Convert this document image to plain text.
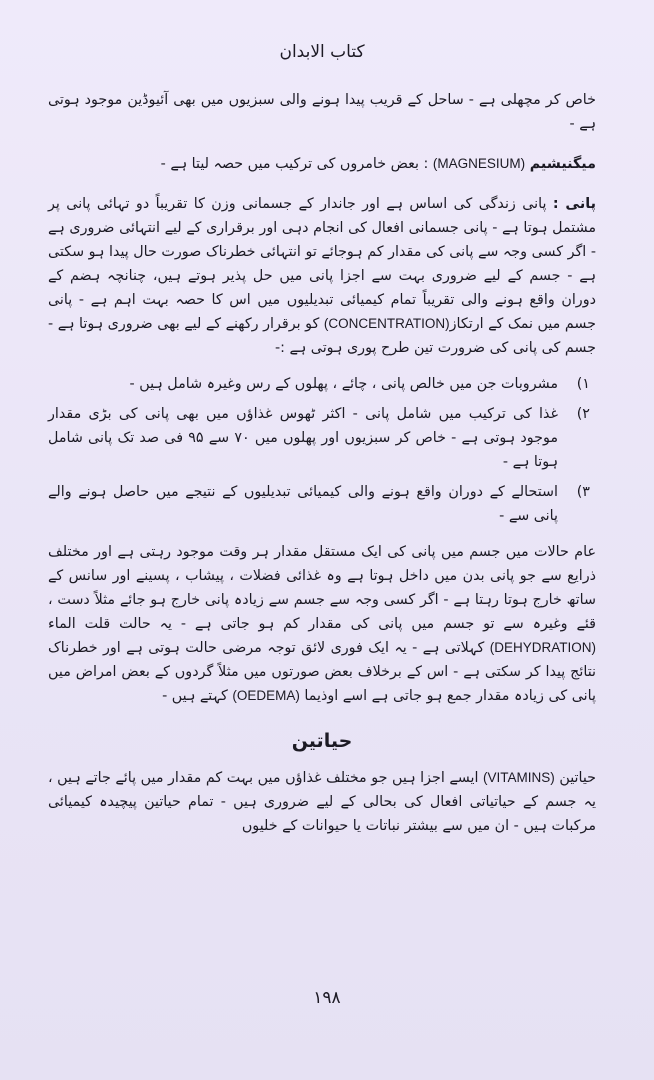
کتاب الابدان

خاص کر مچھلی ہے - ساحل کے قریب پیدا ہونے والی سبزیوں میں بھی آئیوڈین موجود ہوتی ہے -

میگنیشیم (MAGNESIUM) : بعض خامروں کی ترکیب میں حصہ لیتا ہے -

پانی : پانی زندگی کی اساس ہے اور جاندار کے جسمانی وزن کا تقریباً دو تہائی پانی پر مشتمل ہوتا ہے - پانی جسمانی افعال کی انجام دہی اور برقراری کے لیے انتہائی ضروری ہے - اگر کسی وجہ سے پانی کی مقدار کم ہوجائے تو انتہائی خطرناک صورت حال پیدا ہو سکتی ہے - جسم کے لیے ضروری بہت سے اجزا پانی میں حل پذیر ہوتے ہیں، چنانچہ ہضم کے دوران واقع ہونے والی تقریباً تمام کیمیائی تبدیلیوں میں اس کا حصہ بہت اہم ہے - پانی جسم میں نمک کے ارتکاز(CONCENTRATION) کو برقرار رکھنے کے لیے بھی ضروری ہوتا ہے - جسم کی پانی کی ضرورت تین طرح پوری ہوتی ہے :-

(۱
مشروبات جن میں خالص پانی ، چائے ، پھلوں کے رس وغیرہ شامل ہیں -
(۲
غذا کی ترکیب میں شامل پانی - اکثر ٹھوس غذاؤں میں بھی پانی کی بڑی مقدار موجود ہوتی ہے - خاص کر سبزیوں اور پھلوں میں ۷۰ سے ۹۵ فی صد تک پانی شامل ہوتا ہے -
(۳
استحالے کے دوران واقع ہونے والی کیمیائی تبدیلیوں کے نتیجے میں حاصل ہونے والے پانی سے -

عام حالات میں جسم میں پانی کی ایک مستقل مقدار ہر وقت موجود رہتی ہے اور مختلف ذرایع سے جو پانی بدن میں داخل ہوتا ہے وہ غذائی فضلات ، پیشاب ، پسینے اور سانس کے ساتھ خارج ہوتا رہتا ہے - اگر کسی وجہ سے جسم سے زیادہ پانی خارج ہو جائے مثلاً دست ، قئے وغیرہ سے تو جسم میں پانی کی مقدار کم ہو جاتی ہے - یہ حالت قلت الماء (DEHYDRATION) کہلاتی ہے - یہ ایک فوری لائق توجہ مرضی حالت ہوتی ہے اور خطرناک نتائج پیدا کر سکتی ہے - اس کے برخلاف بعض صورتوں میں مثلاً گردوں کے بعض امراض میں پانی کی زیادہ مقدار جمع ہو جاتی ہے اسے اوذیما (OEDEMA) کہتے ہیں -

حیاتین

حیاتین (VITAMINS) ایسے اجزا ہیں جو مختلف غذاؤں میں بہت کم مقدار میں پائے جاتے ہیں ، یہ جسم کے حیاتیاتی افعال کی بحالی کے لیے ضروری ہیں - تمام حیاتین پیچیدہ کیمیائی مرکبات ہیں - ان میں سے بیشتر نباتات یا حیوانات کے خلیوں

۱۹۸
